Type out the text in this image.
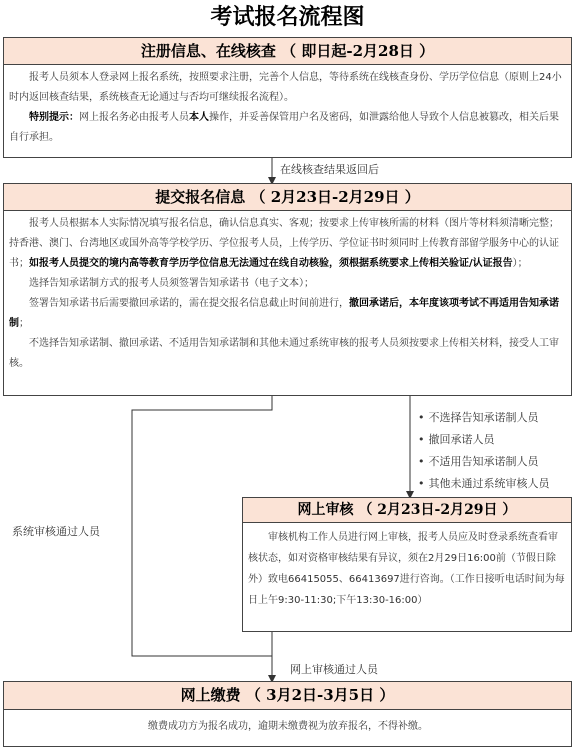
考试报名流程图
注册信息、在线核查 （ 即日起-2月28日 ）

报考人员须本人登录网上报名系统，按照要求注册，完善个人信息，等待系统在线核查身份、学历学位信息（原则上24小时内返回核查结果，系统核查无论通过与否均可继续报名流程）。

特别提示：网上报名务必由报考人员本人操作，并妥善保管用户名及密码，如泄露给他人导致个人信息被篡改，相关后果自行承担。

在线核查结果返回后
提交报名信息 （ 2月23日-2月29日 ）

报考人员根据本人实际情况填写报名信息，确认信息真实、客观；按要求上传审核所需的材料（图片等材料须清晰完整；持香港、澳门、台湾地区或国外高等学校学历、学位报考人员，上传学历、学位证书时须同时上传教育部留学服务中心的认证书；如报考人员提交的境内高等教育学历学位信息无法通过在线自动核验，须根据系统要求上传相关验证/认证报告）；

选择告知承诺制方式的报考人员须签署告知承诺书（电子文本）；

签署告知承诺书后需要撤回承诺的，需在提交报名信息截止时间前进行，撤回承诺后，本年度该项考试不再适用告知承诺制；

不选择告知承诺制、撤回承诺、不适用告知承诺制和其他未通过系统审核的报考人员须按要求上传相关材料，接受人工审核。

• 不选择告知承诺制人员
• 撤回承诺人员
• 不适用告知承诺制人员
• 其他未通过系统审核人员
系统审核通过人员
网上审核 （ 2月23日-2月29日 ）

审核机构工作人员进行网上审核，报考人员应及时登录系统查看审核状态，如对资格审核结果有异议，须在2月29日16:00前（节假日除外）致电66415055、66413697进行咨询。（工作日接听电话时间为每日上午9:30-11:30;下午13:30-16:00）

网上审核通过人员
网上缴费 （ 3月2日-3月5日 ）

缴费成功方为报名成功，逾期未缴费视为放弃报名，不得补缴。
